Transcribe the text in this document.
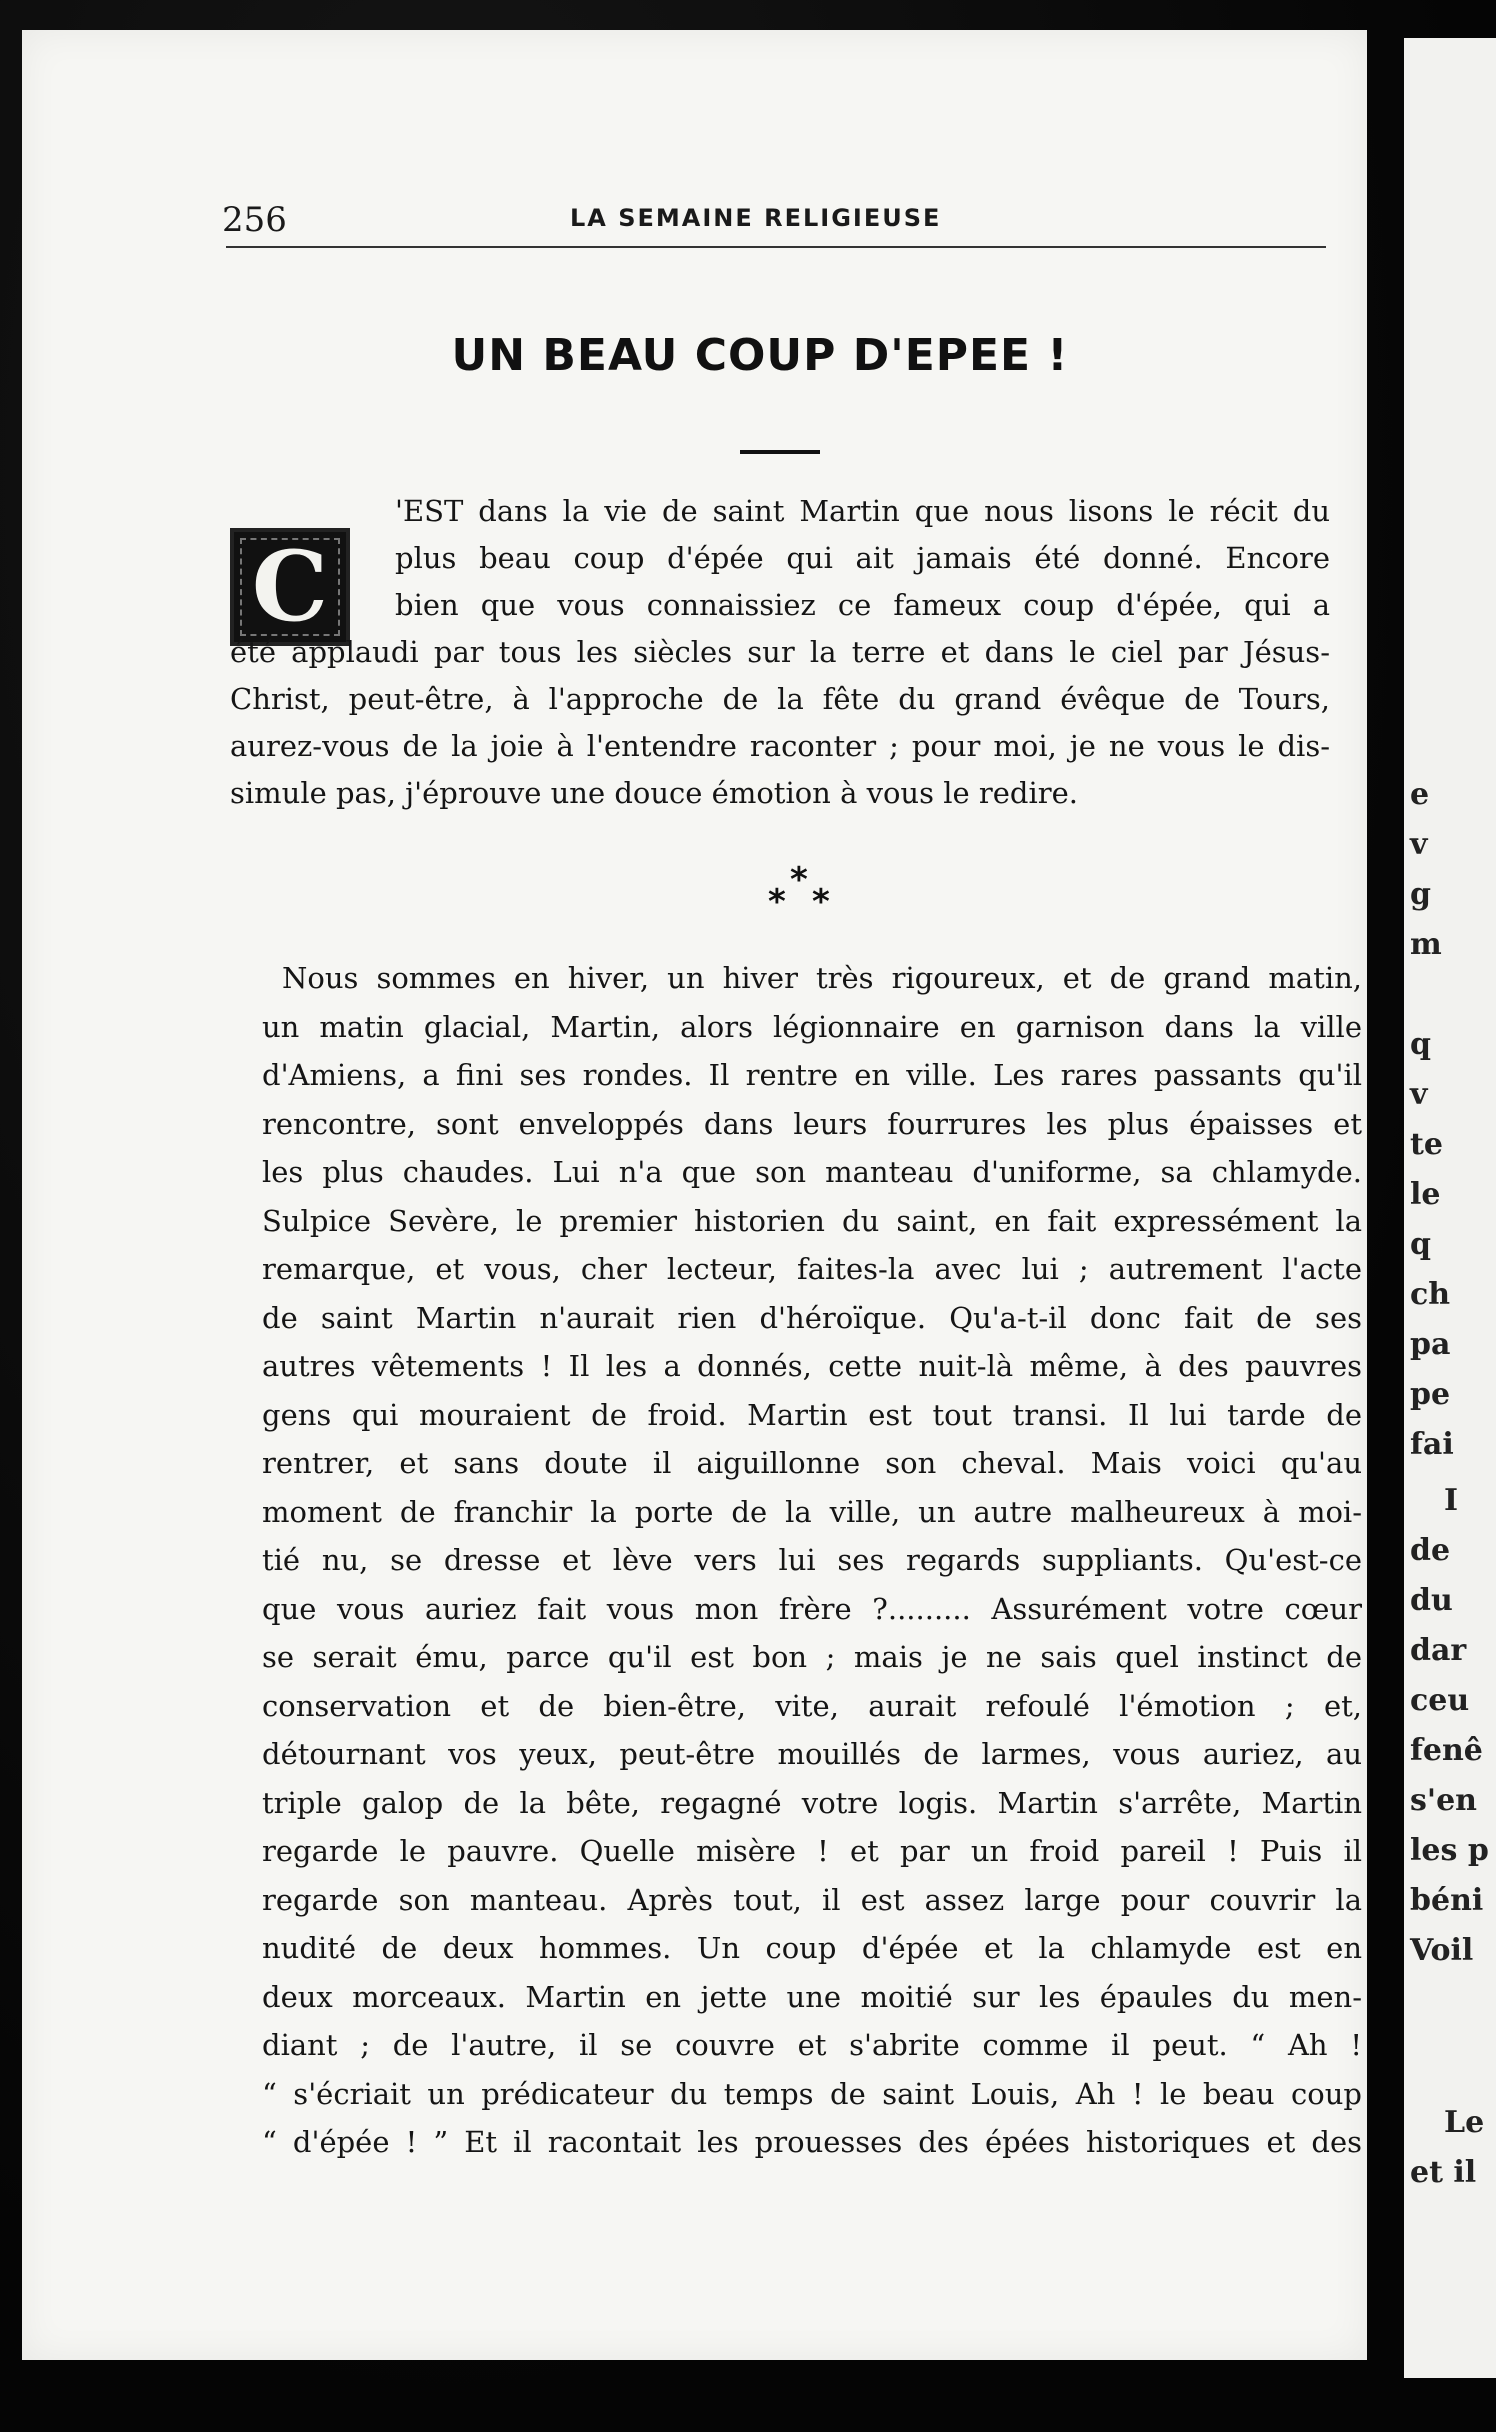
e
v
g
m
q
v
te
le
q
ch
pa
pe
fai
I
de
du
dar
ceu
fenê
s'en
les p
béni
Voil
Le
et il
256	LA SEMAINE RELIGIEUSE
UN BEAU COUP D'EPEE !
C
'EST dans la vie de saint Martin que nous lisons le récit du
plus beau coup d'épée qui ait jamais été donné. Encore
bien que vous connaissiez ce fameux coup d'épée, qui a
été applaudi par tous les siècles sur la terre et dans le ciel par Jésus-
Christ, peut-être, à l'approche de la fête du grand évêque de Tours,
aurez-vous de la joie à l'entendre raconter ; pour moi, je ne vous le dis-
simule pas, j'éprouve une douce émotion à vous le redire.
*
* *
Nous sommes en hiver, un hiver très rigoureux, et de grand matin,
un matin glacial, Martin, alors légionnaire en garnison dans la ville
d'Amiens, a fini ses rondes. Il rentre en ville. Les rares passants qu'il
rencontre, sont enveloppés dans leurs fourrures les plus épaisses et
les plus chaudes. Lui n'a que son manteau d'uniforme, sa chlamyde.
Sulpice Sevère, le premier historien du saint, en fait expressément la
remarque, et vous, cher lecteur, faites-la avec lui ; autrement l'acte
de saint Martin n'aurait rien d'héroïque. Qu'a-t-il donc fait de ses
autres vêtements ! Il les a donnés, cette nuit-là même, à des pauvres
gens qui mouraient de froid. Martin est tout transi. Il lui tarde de
rentrer, et sans doute il aiguillonne son cheval. Mais voici qu'au
moment de franchir la porte de la ville, un autre malheureux à moi-
tié nu, se dresse et lève vers lui ses regards suppliants. Qu'est-ce
que vous auriez fait vous mon frère ?......... Assurément votre cœur
se serait ému, parce qu'il est bon ; mais je ne sais quel instinct de
conservation et de bien-être, vite, aurait refoulé l'émotion ; et,
détournant vos yeux, peut-être mouillés de larmes, vous auriez, au
triple galop de la bête, regagné votre logis. Martin s'arrête, Martin
regarde le pauvre. Quelle misère ! et par un froid pareil ! Puis il
regarde son manteau. Après tout, il est assez large pour couvrir la
nudité de deux hommes. Un coup d'épée et la chlamyde est en
deux morceaux. Martin en jette une moitié sur les épaules du men-
diant ; de l'autre, il se couvre et s'abrite comme il peut. “ Ah !
“ s'écriait un prédicateur du temps de saint Louis, Ah ! le beau coup
“ d'épée ! ” Et il racontait les prouesses des épées historiques et des
